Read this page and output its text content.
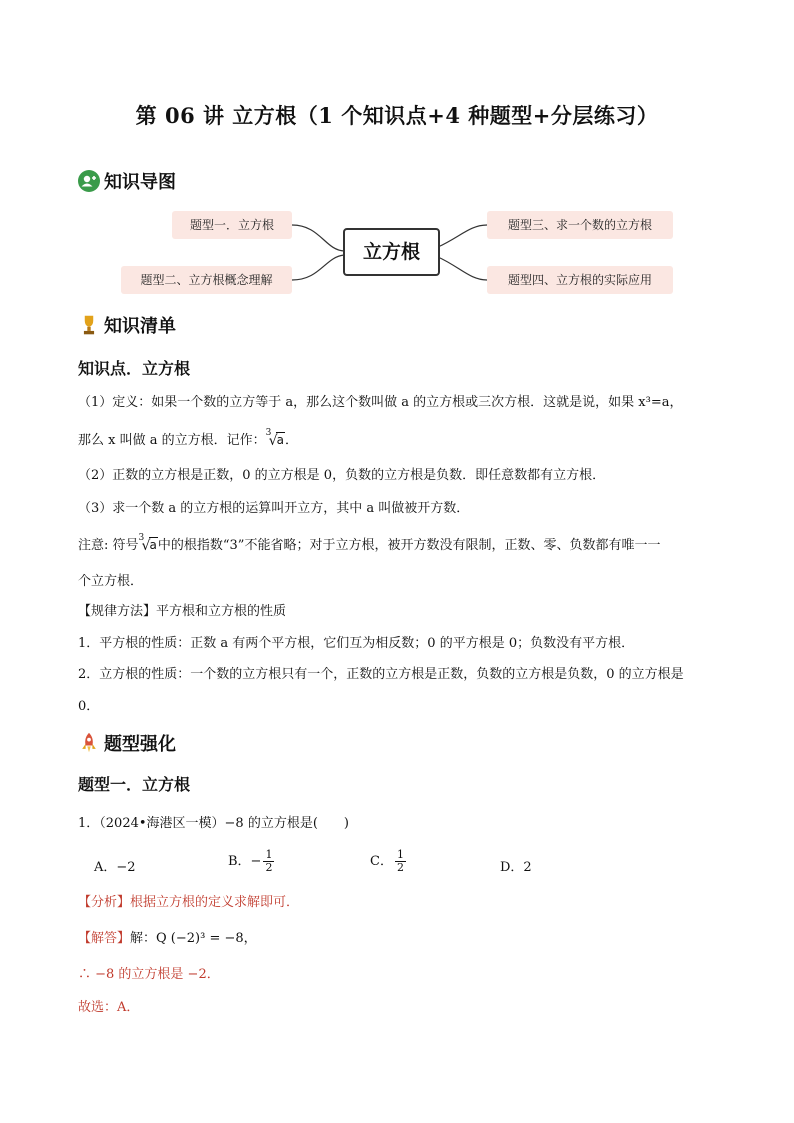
第 06 讲 立方根（1 个知识点+4 种题型+分层练习）
知识导图
题型一．立方根
题型二、立方根概念理解
立方根
题型三、求一个数的立方根
题型四、立方根的实际应用
知识清单
知识点．立方根
（1）定义：如果一个数的立方等于 a，那么这个数叫做 a 的立方根或三次方根．这就是说，如果 x³=a，
那么 x 叫做 a 的立方根．记作： 3
√ a．
（2）正数的立方根是正数，0 的立方根是 0，负数的立方根是负数．即任意数都有立方根．
（3）求一个数 a 的立方根的运算叫开立方，其中 a 叫做被开方数．
注意: 符号 3
√ a中的根指数“3”不能省略；对于立方根，被开方数没有限制，正数、零、负数都有唯一一
个立方根．
【规律方法】平方根和立方根的性质
1．平方根的性质：正数 a 有两个平方根，它们互为相反数；0 的平方根是 0；负数没有平方根．
2．立方根的性质：一个数的立方根只有一个，正数的立方根是正数，负数的立方根是负数，0 的立方根是
0．
题型强化
题型一．立方根
1．（2024•海港区一模）−8 的立方根是(　　)
A．−2	B．− $\frac{1}{2}$	C． $\frac{1}{2}$	D．2
【分析】根据立方根的定义求解即可．
【解答】解：Q (−2)³ = −8，
∴ −8 的立方根是 −2．
故选：A．
